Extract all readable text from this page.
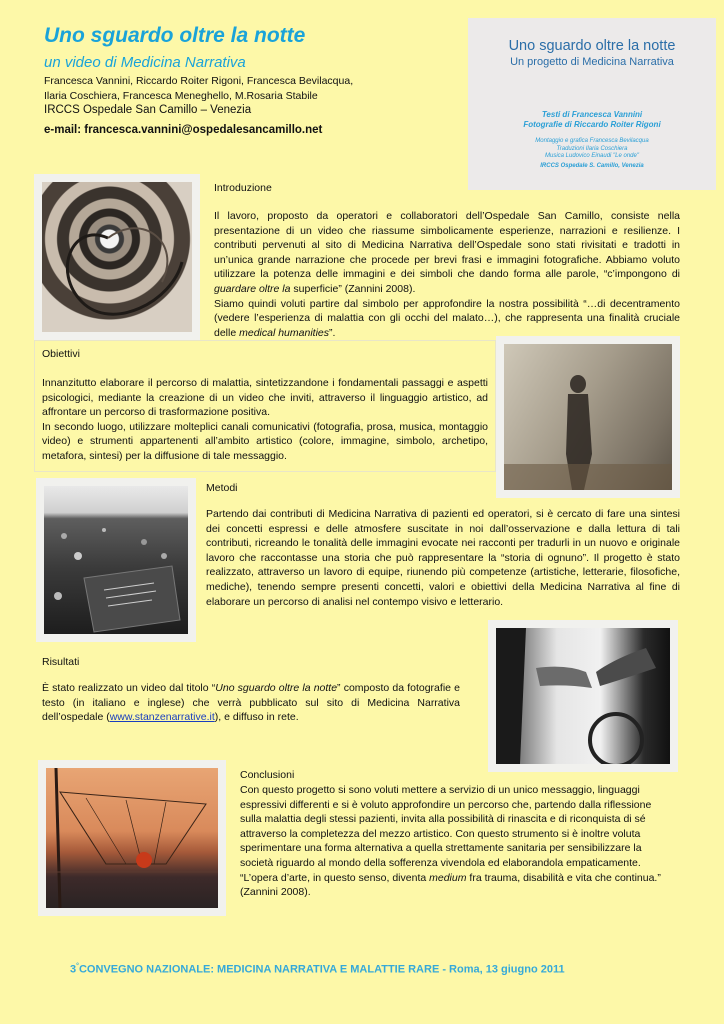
Uno sguardo oltre la notte
un video di Medicina Narrativa
Francesca Vannini, Riccardo Roiter Rigoni, Francesca Bevilacqua,
Ilaria Coschiera, Francesca Meneghello, M.Rosaria Stabile
IRCCS Ospedale San Camillo – Venezia
e-mail: francesca.vannini@ospedalesancamillo.net
Uno sguardo oltre la notte
Un progetto di Medicina Narrativa
Testi di Francesca Vannini
Fotografie di Riccardo Roiter Rigoni
Montaggio e grafica Francesca Bevilacqua
Traduzioni Ilaria Coschiera
Musica Ludovico Einaudi "Le onde"
IRCCS Ospedale S. Camillo, Venezia
Introduzione

Il lavoro, proposto da operatori e collaboratori dell’Ospedale San Camillo, consiste nella presentazione di un video che riassume simbolicamente esperienze, narrazioni e resilienze. I contributi pervenuti al sito di Medicina Narrativa dell’Ospedale sono stati rivisitati e tradotti in un’unica grande narrazione che procede per brevi frasi e immagini fotografiche. Abbiamo voluto utilizzare la potenza delle immagini e dei simboli che dando forma alle parole, “c’impongono di guardare oltre la superficie” (Zannini 2008).

Siamo quindi voluti partire dal simbolo per approfondire la nostra possibilità “…di decentramento (vedere l’esperienza di malattia con gli occhi del malato…), che rappresenta una finalità cruciale delle medical humanities”.

Obiettivi

Innanzitutto elaborare il percorso di malattia, sintetizzandone i fondamentali passaggi e aspetti psicologici, mediante la creazione di un video che inviti, attraverso il linguaggio artistico, ad affrontare un percorso di trasformazione positiva.

In secondo luogo, utilizzare molteplici canali comunicativi (fotografia, prosa, musica, montaggio video) e strumenti appartenenti all’ambito artistico (colore, immagine, simbolo, archetipo, metafora, sintesi) per la diffusione di tale messaggio.

Metodi

Partendo dai contributi di Medicina Narrativa di pazienti ed operatori, si è cercato di fare una sintesi dei concetti espressi e delle atmosfere suscitate in noi dall’osservazione e dalla lettura di tali contributi, ricreando le tonalità delle immagini evocate nei racconti per tradurli in un nuovo e originale lavoro che raccontasse una storia che può rappresentare la “storia di ognuno”. Il progetto è stato realizzato, attraverso un lavoro di equipe, riunendo più competenze (artistiche, letterarie, filosofiche, mediche), tenendo sempre presenti concetti, valori e obiettivi della Medicina Narrativa al fine di elaborare un percorso di analisi nel contempo visivo e letterario.

Risultati

È stato realizzato un video dal titolo “Uno sguardo oltre la notte” composto da fotografie e testo (in italiano e inglese) che verrà pubblicato sul sito di Medicina Narrativa dell’ospedale (www.stanzenarrative.it), e diffuso in rete.

Conclusioni

Con questo progetto si sono voluti mettere a servizio di un unico messaggio, linguaggi espressivi differenti e si è voluto approfondire un percorso che, partendo dalla riflessione sulla malattia degli stessi pazienti, invita alla possibilità di rinascita e di riconquista di sé attraverso la completezza del mezzo artistico. Con questo strumento si è inoltre voluta sperimentare una forma alternativa a quella strettamente sanitaria per sensibilizzare la società riguardo al mondo della sofferenza vivendola ed elaborandola empaticamente.

“L’opera d’arte, in questo senso, diventa medium fra trauma, disabilità e vita che continua.” (Zannini 2008).

3°CONVEGNO NAZIONALE: MEDICINA NARRATIVA E MALATTIE RARE - Roma, 13 giugno 2011
